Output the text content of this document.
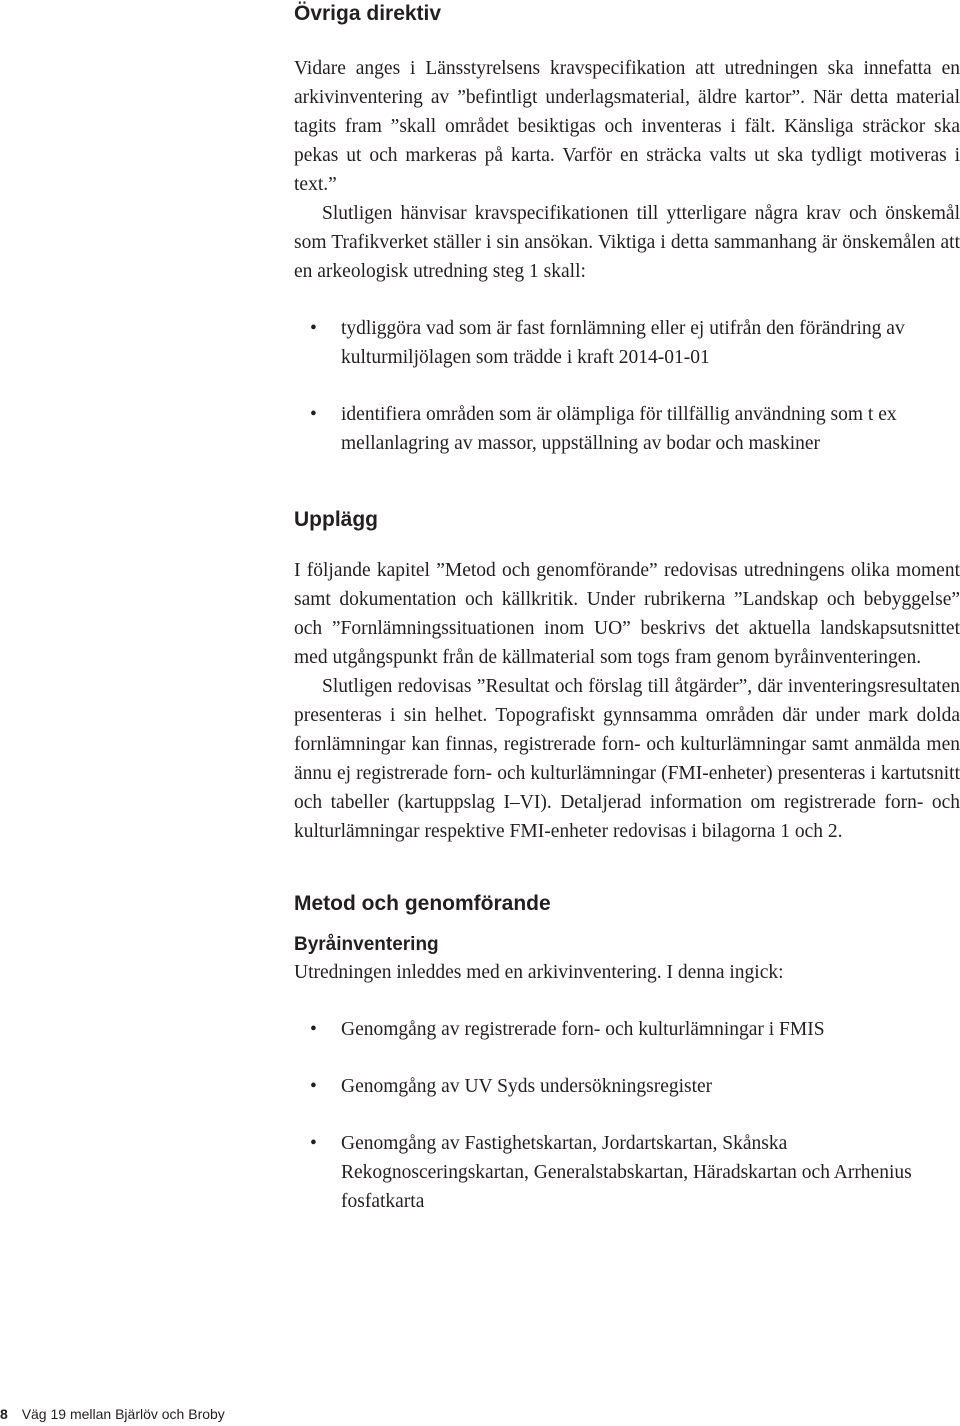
Övriga direktiv

Vidare anges i Länsstyrelsens kravspecifikation att utredningen ska innefatta en arkivinventering av ”befintligt underlagsmaterial, äldre kartor”. När detta material tagits fram ”skall området besiktigas och inventeras i fält. Känsliga sträckor ska pekas ut och markeras på karta. Varför en sträcka valts ut ska tydligt motiveras i text.”

Slutligen hänvisar kravspecifikationen till ytterligare några krav och önskemål som Trafikverket ställer i sin ansökan. Viktiga i detta sammanhang är önskemålen att en arkeologisk utredning steg 1 skall:

• tydliggöra vad som är fast fornlämning eller ej utifrån den förändring av kulturmiljölagen som trädde i kraft 2014-01-01
• identifiera områden som är olämpliga för tillfällig användning som t ex mellanlagring av massor, uppställning av bodar och maskiner
Upplägg

I följande kapitel ”Metod och genomförande” redovisas utredningens olika moment samt dokumentation och källkritik. Under rubrikerna ”Landskap och bebyggelse” och ”Fornlämningssituationen inom UO” beskrivs det aktuella landskapsutsnittet med utgångspunkt från de källmaterial som togs fram genom byråinventeringen.

Slutligen redovisas ”Resultat och förslag till åtgärder”, där inventeringsresultaten presenteras i sin helhet. Topografiskt gynnsamma områden där under mark dolda fornlämningar kan finnas, registrerade forn- och kulturlämningar samt anmälda men ännu ej registrerade forn- och kulturlämningar (FMI-enheter) presenteras i kartutsnitt och tabeller (kartuppslag I–VI). Detaljerad information om registrerade forn- och kulturlämningar respektive FMI-enheter redovisas i bilagorna 1 och 2.

Metod och genomförande
Byråinventering

Utredningen inleddes med en arkivinventering. I denna ingick:

• Genomgång av registrerade forn- och kulturlämningar i FMIS
• Genomgång av UV Syds undersökningsregister
• Genomgång av Fastighetskartan, Jordartskartan, Skånska Rekognosceringskartan, Generalstabskartan, Häradskartan och Arrhenius fosfatkarta
8 Väg 19 mellan Bjärlöv och Broby
